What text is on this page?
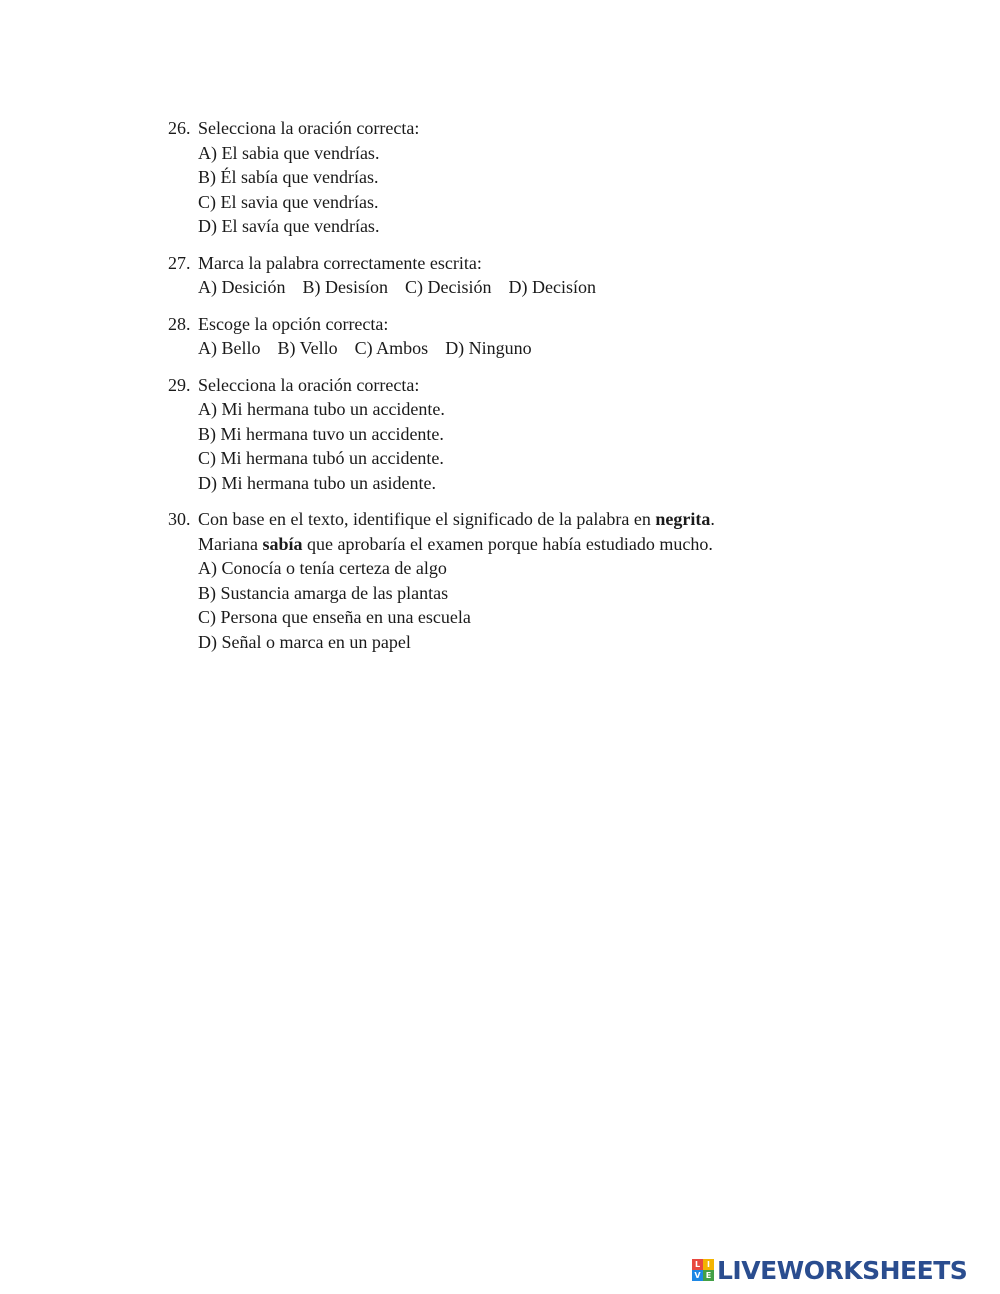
26. Selecciona la oración correcta:
A) El sabia que vendrías.
B) Él sabía que vendrías.
C) El savia que vendrías.
D) El savía que vendrías.
27. Marca la palabra correctamente escrita:
A) Desición B) Desisíon C) Decisión D) Decisíon
28. Escoge la opción correcta:
A) Bello B) Vello C) Ambos D) Ninguno
29. Selecciona la oración correcta:
A) Mi hermana tubo un accidente.
B) Mi hermana tuvo un accidente.
C) Mi hermana tubó un accidente.
D) Mi hermana tubo un asidente.
30. Con base en el texto, identifique el significado de la palabra en negrita.
Mariana sabía que aprobaría el examen porque había estudiado mucho.
A) Conocía o tenía certeza de algo
B) Sustancia amarga de las plantas
C) Persona que enseña en una escuela
D) Señal o marca en un papel
L I
V E LIVEWORKSHEETS
